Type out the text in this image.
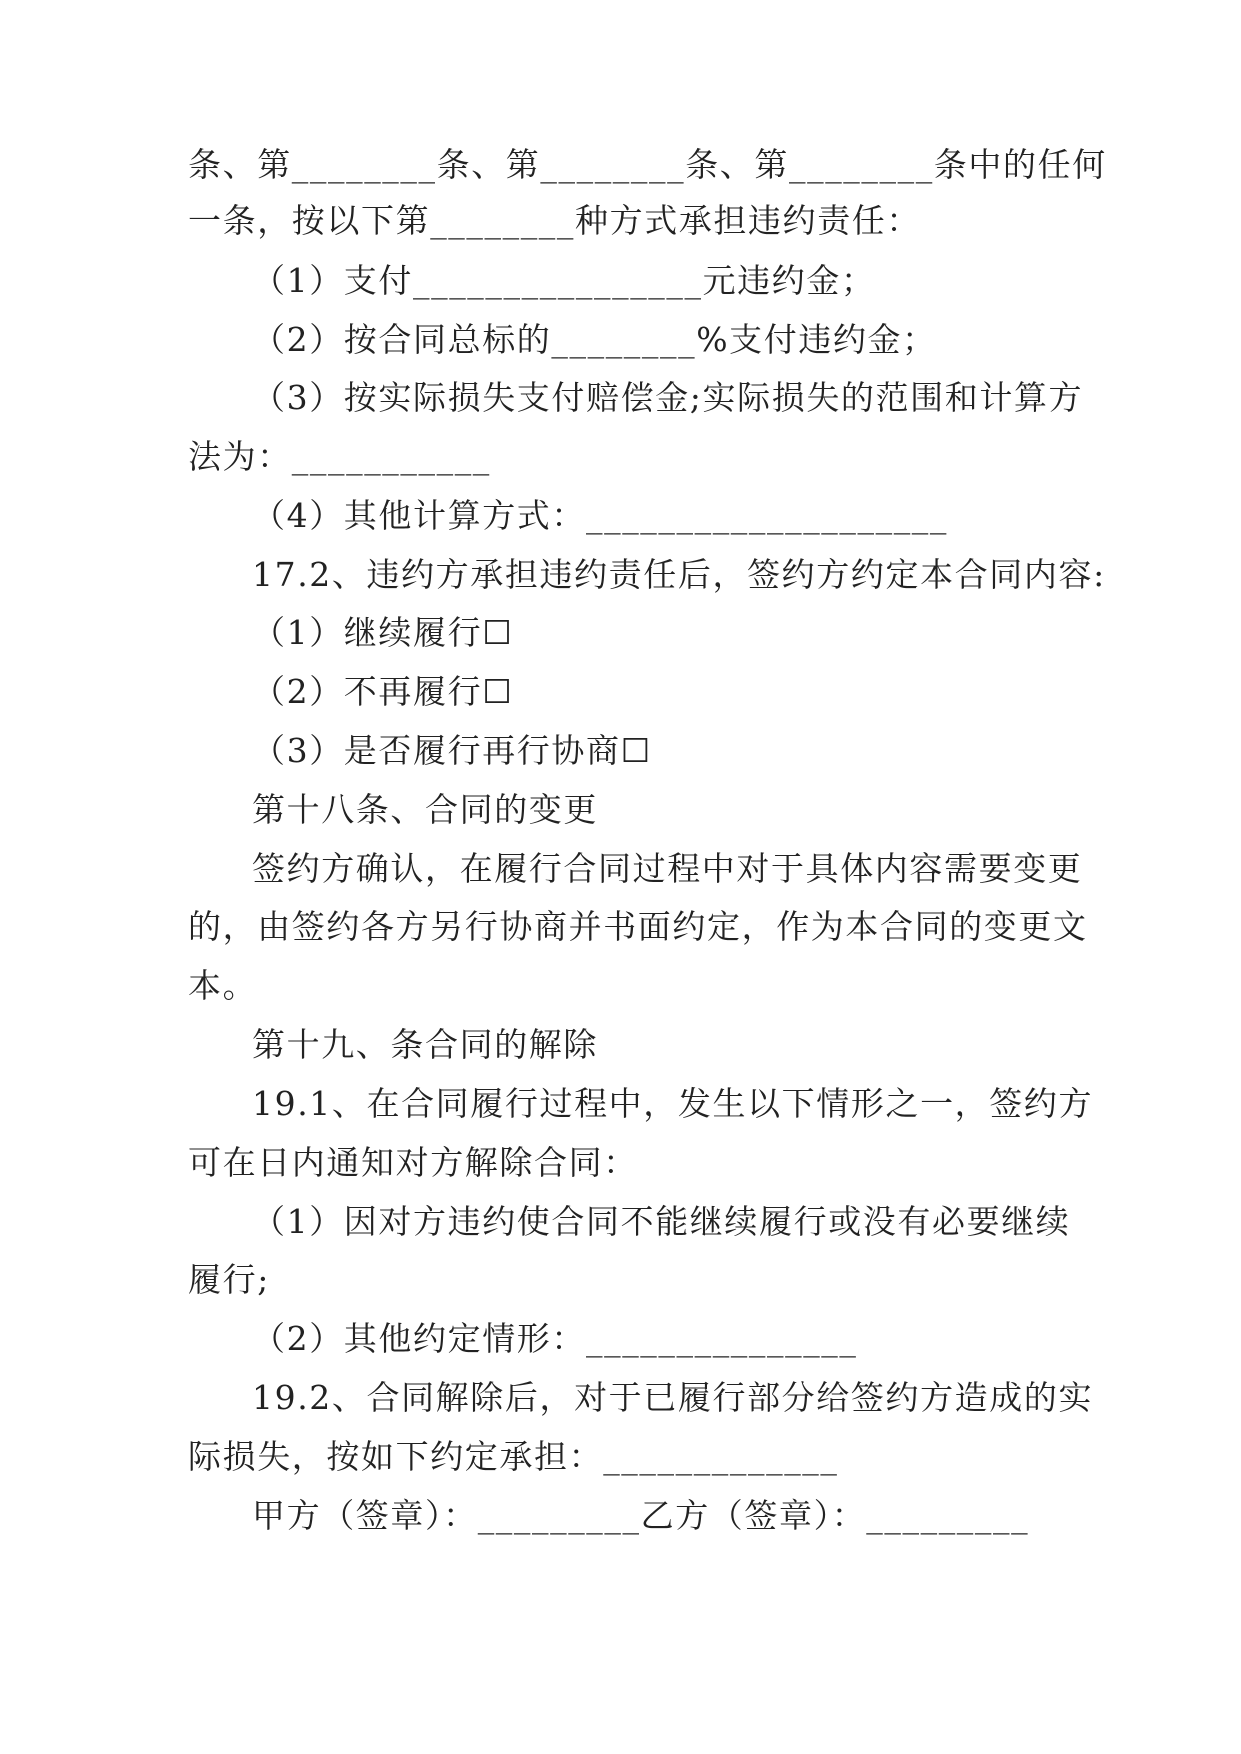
条、第________条、第________条、第________条中的任何
一条，按以下第________种方式承担违约责任：
（1）支付________________元违约金；
（2）按合同总标的________%支付违约金；
（3）按实际损失支付赔偿金;实际损失的范围和计算方
法为：___________
（4）其他计算方式：____________________
17.2、违约方承担违约责任后，签约方约定本合同内容:
（1）继续履行☐
（2）不再履行☐
（3）是否履行再行协商☐
第十八条、合同的变更
签约方确认，在履行合同过程中对于具体内容需要变更
的，由签约各方另行协商并书面约定，作为本合同的变更文
本。
第十九、条合同的解除
19.1、在合同履行过程中，发生以下情形之一，签约方
可在日内通知对方解除合同：
（1）因对方违约使合同不能继续履行或没有必要继续
履行;
（2）其他约定情形：_______________
19.2、合同解除后，对于已履行部分给签约方造成的实
际损失，按如下约定承担：_____________
甲方（签章）：_________乙方（签章）：_________
